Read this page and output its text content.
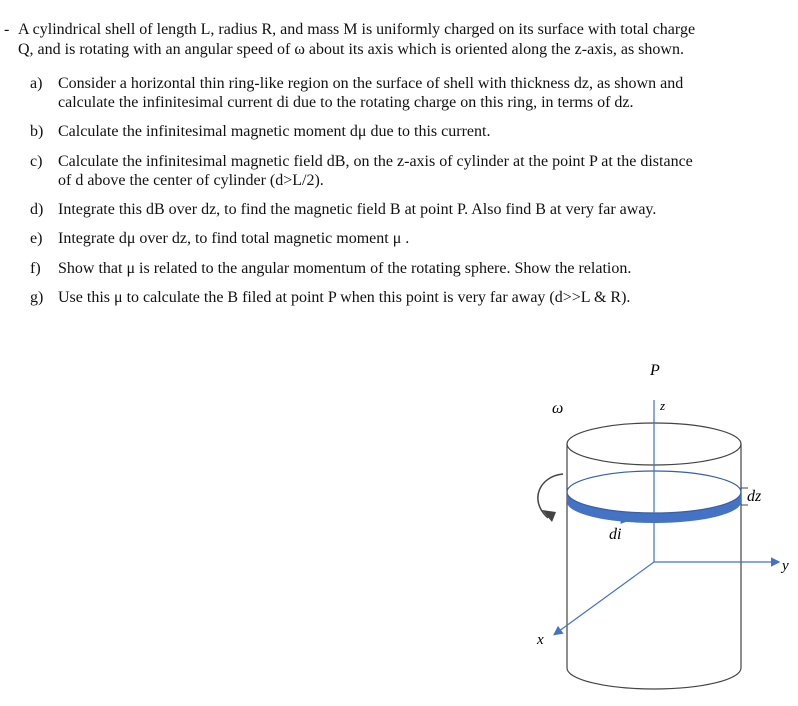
- A cylindrical shell of length L, radius R, and mass M is uniformly charged on its surface with total charge
Q, and is rotating with an angular speed of ω about its axis which is oriented along the z-axis, as shown.
a) Consider a horizontal thin ring-like region on the surface of shell with thickness dz, as shown and
calculate the infinitesimal current di due to the rotating charge on this ring, in terms of dz.
b) Calculate the infinitesimal magnetic moment dμ due to this current.
c) Calculate the infinitesimal magnetic field dB, on the z-axis of cylinder at the point P at the distance
of d above the center of cylinder (d>L/2).
d) Integrate this dB over dz, to find the magnetic field B at point P. Also find B at very far away.
e) Integrate dμ over dz, to find total magnetic moment μ .
f) Show that μ is related to the angular momentum of the rotating sphere. Show the relation.
g) Use this μ to calculate the B filed at point P when this point is very far away (d>>L & R).
P
z
ω
dz
di
y
x
